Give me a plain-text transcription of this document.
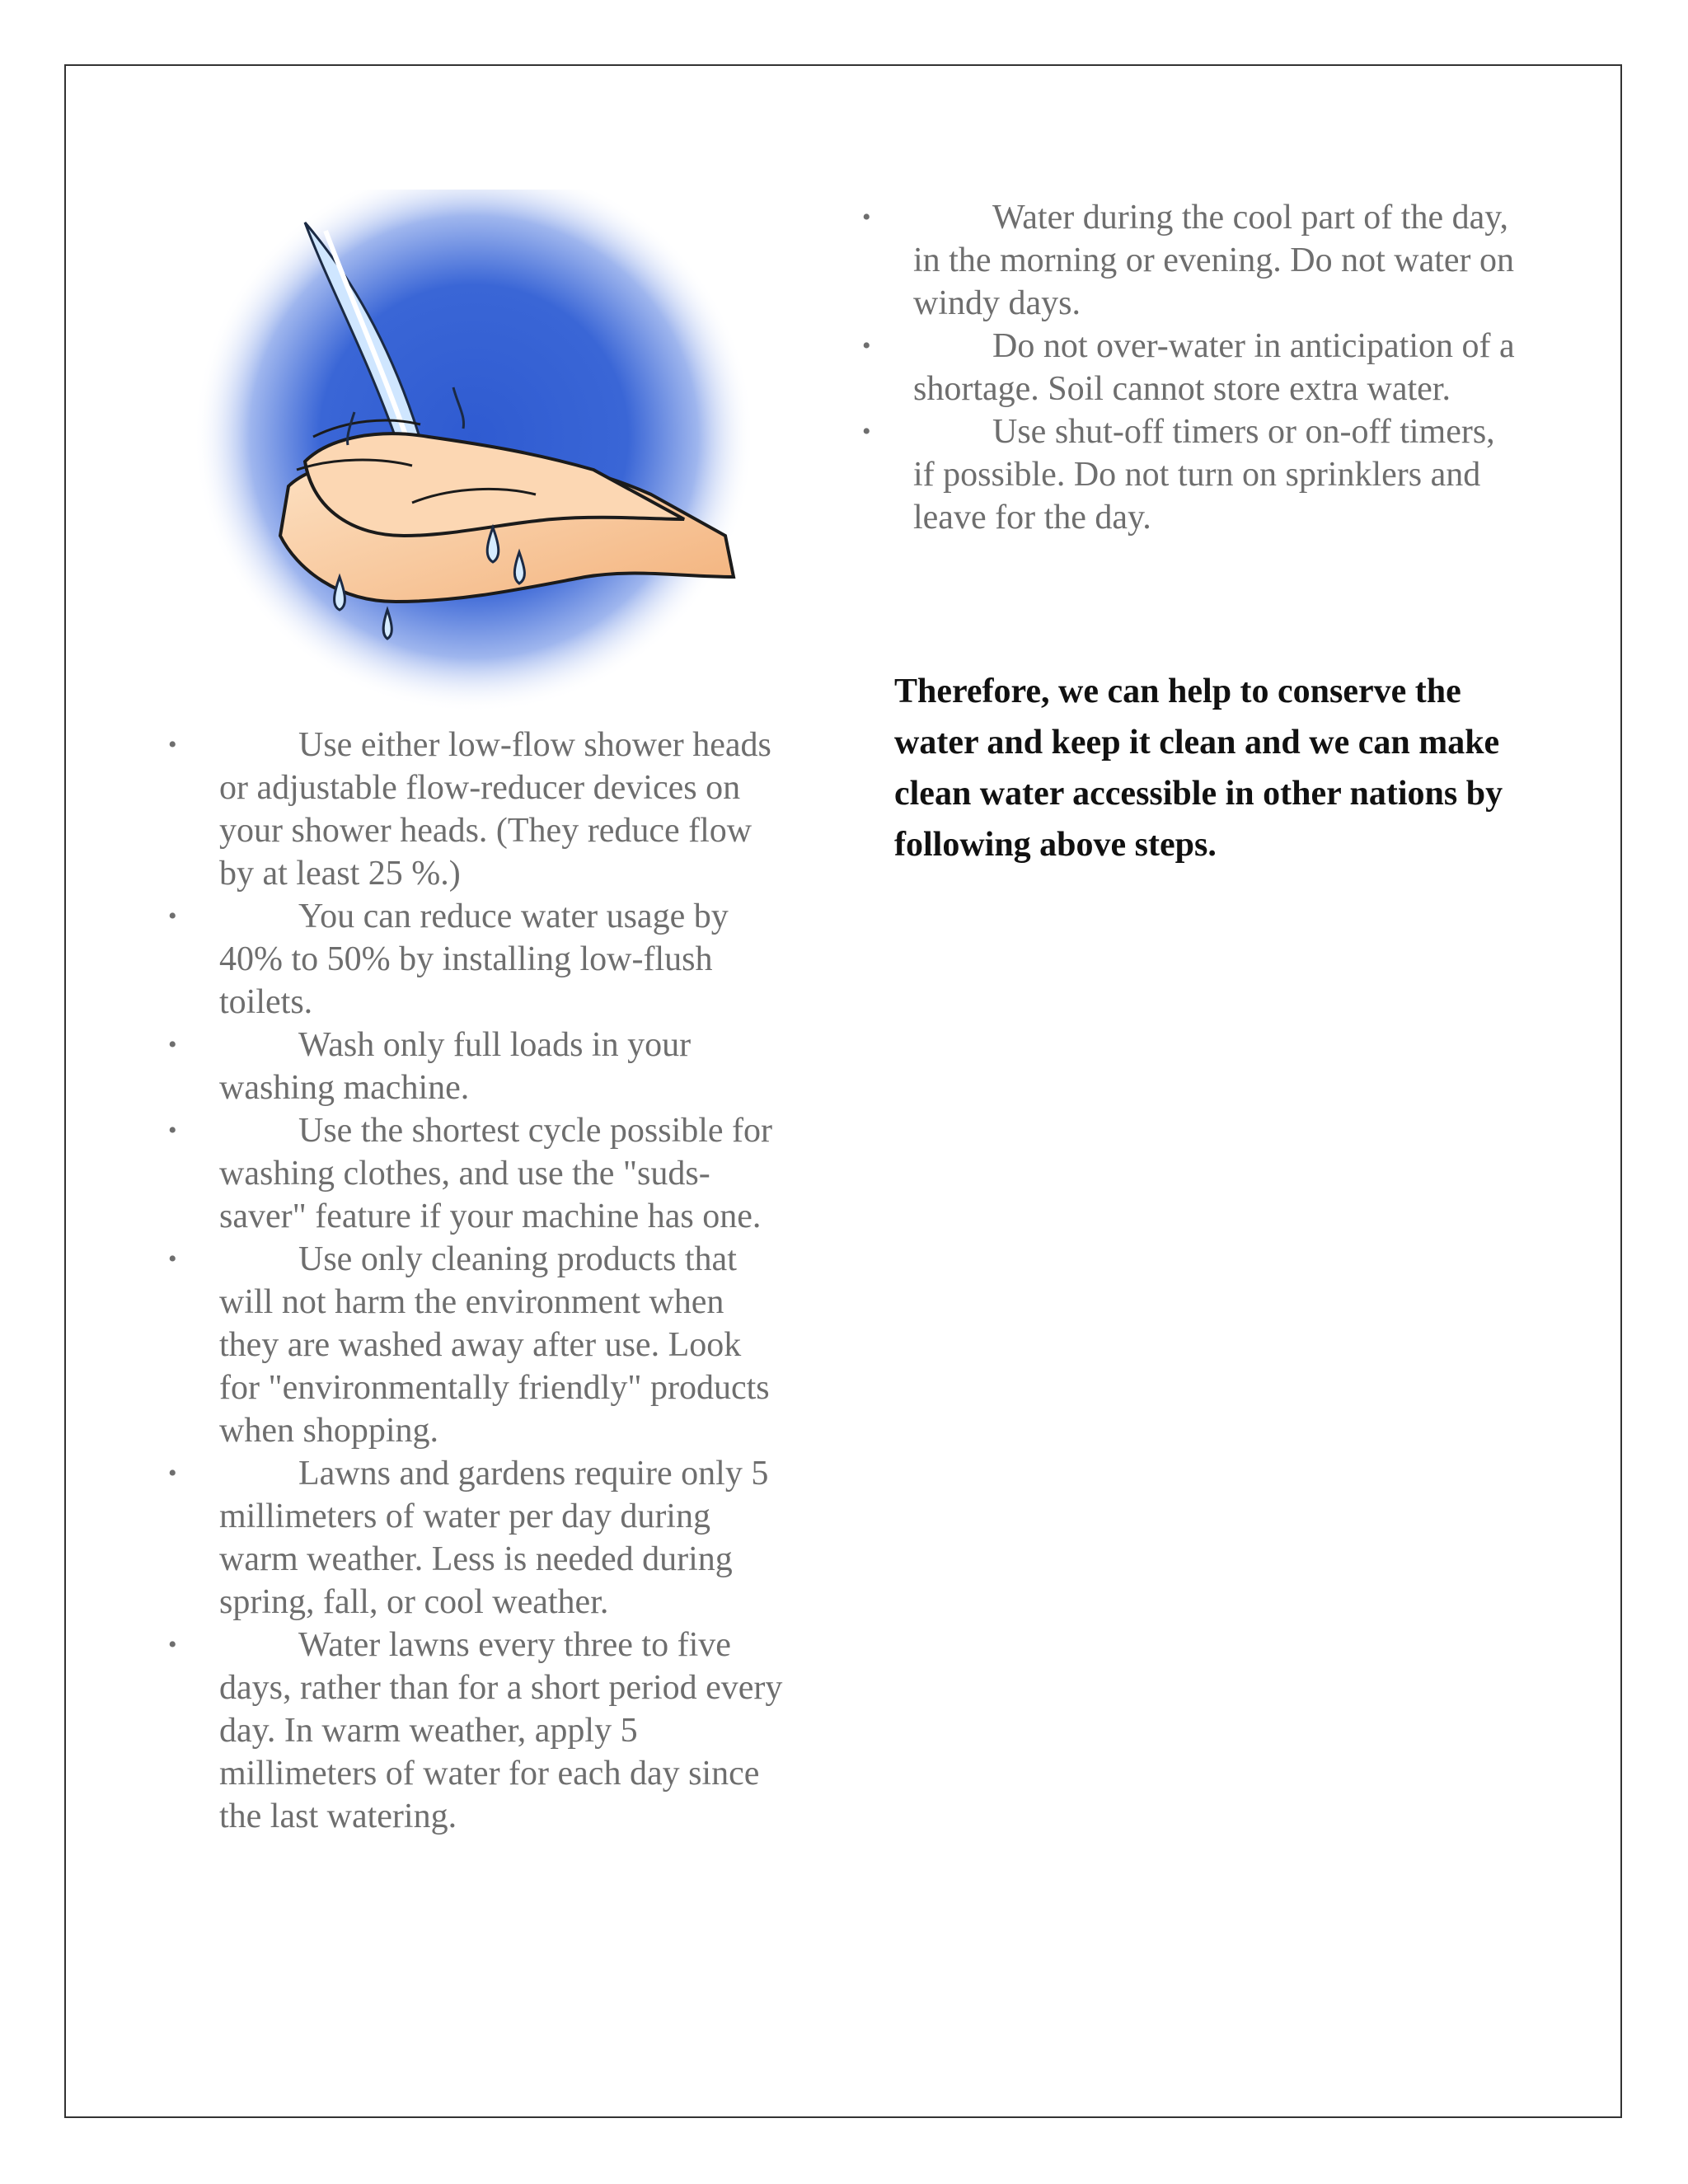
• Use either low-flow shower heads or adjustable flow-reducer devices on your shower heads. (They reduce flow by at least 25 %.)
• You can reduce water usage by 40% to 50% by installing low-flush toilets.
• Wash only full loads in your washing machine.
• Use the shortest cycle possible for washing clothes, and use the "suds-saver" feature if your machine has one.
• Use only cleaning products that will not harm the environment when they are washed away after use. Look for "environmentally friendly" products when shopping.
• Lawns and gardens require only 5 millimeters of water per day during warm weather. Less is needed during spring, fall, or cool weather.
• Water lawns every three to five days, rather than for a short period every day. In warm weather, apply 5 millimeters of water for each day since the last watering.
• Water during the cool part of the day, in the morning or evening. Do not water on windy days.
• Do not over-water in anticipation of a shortage. Soil cannot store extra water.
• Use shut-off timers or on-off timers, if possible. Do not turn on sprinklers and leave for the day.

Therefore, we can help to conserve the water and keep it clean and we can make clean water accessible in other nations by following above steps.
